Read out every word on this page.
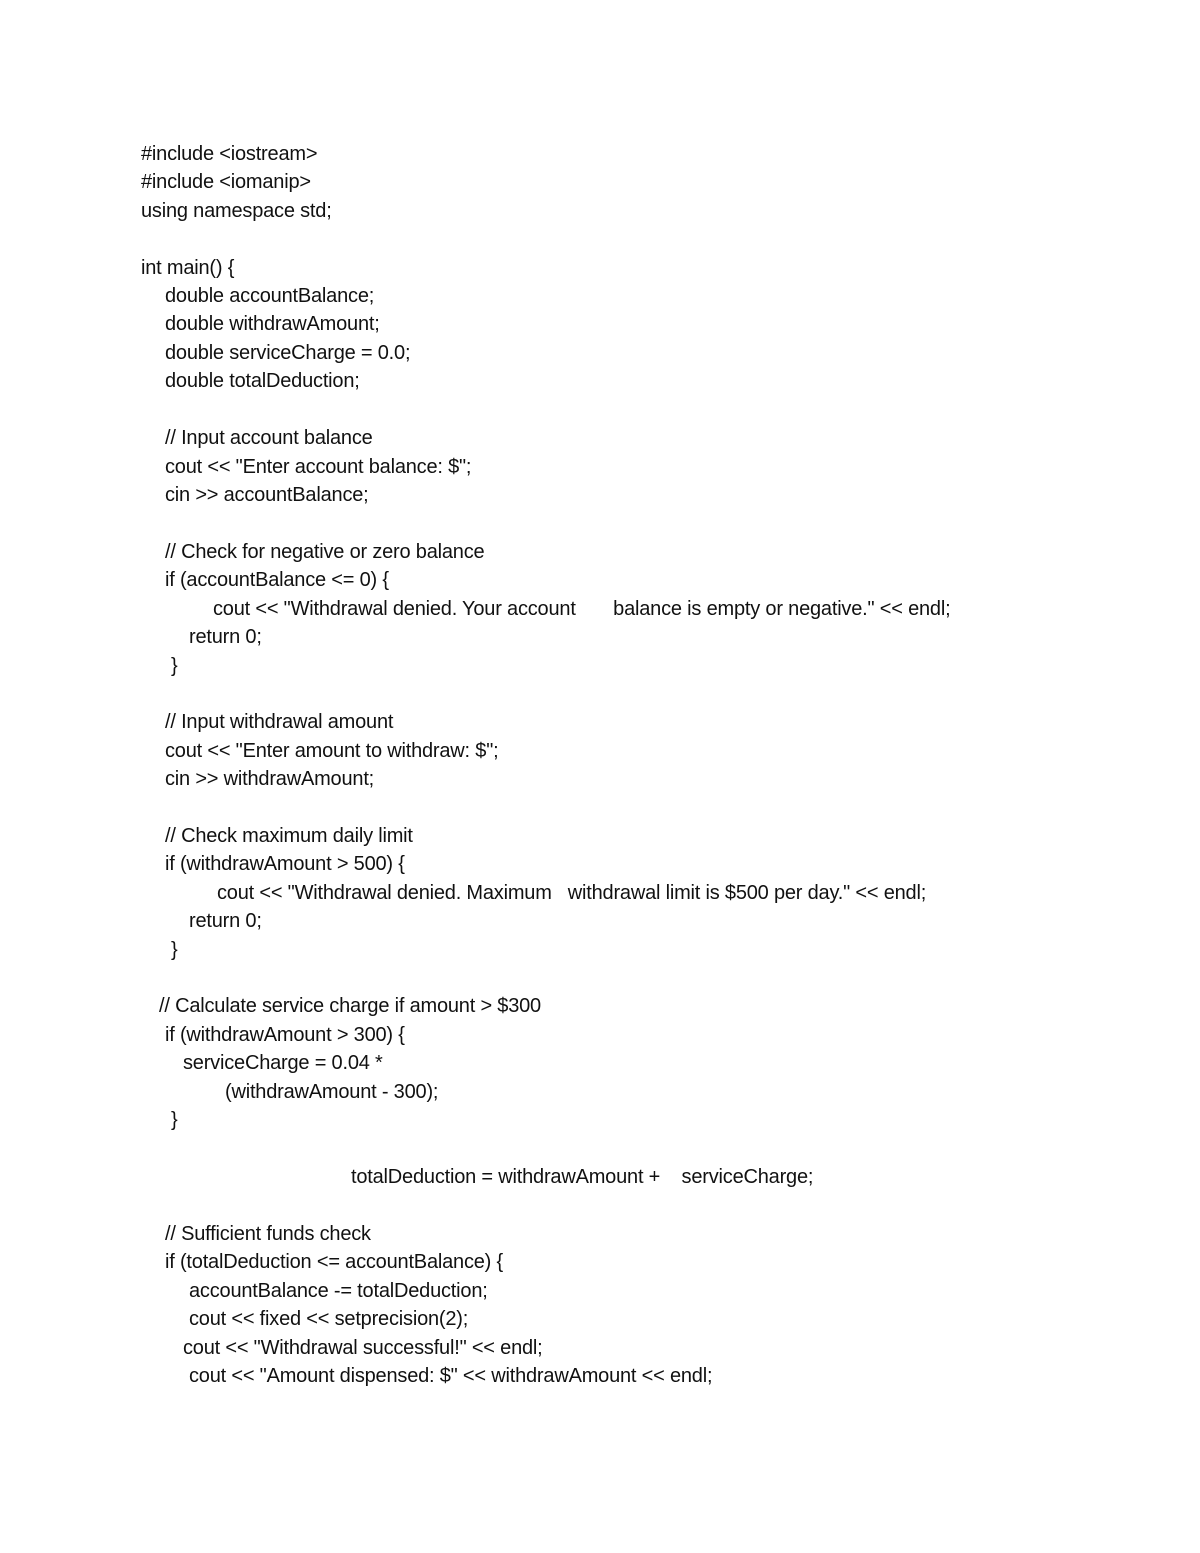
#include <iostream>
#include <iomanip>
using namespace std;
int main() {
double accountBalance;
double withdrawAmount;
double serviceCharge = 0.0;
double totalDeduction;
// Input account balance
cout << "Enter account balance: $";
cin >> accountBalance;
// Check for negative or zero balance
if (accountBalance <= 0) {
cout << "Withdrawal denied. Your account       balance is empty or negative." << endl;
return 0;
}
// Input withdrawal amount
cout << "Enter amount to withdraw: $";
cin >> withdrawAmount;
// Check maximum daily limit
if (withdrawAmount > 500) {
cout << "Withdrawal denied. Maximum   withdrawal limit is $500 per day." << endl;
return 0;
}
// Calculate service charge if amount > $300
if (withdrawAmount > 300) {
serviceCharge = 0.04 *
(withdrawAmount - 300);
}
totalDeduction = withdrawAmount +    serviceCharge;
// Sufficient funds check
if (totalDeduction <= accountBalance) {
accountBalance -= totalDeduction;
cout << fixed << setprecision(2);
cout << "Withdrawal successful!" << endl;
cout << "Amount dispensed: $" << withdrawAmount << endl;
